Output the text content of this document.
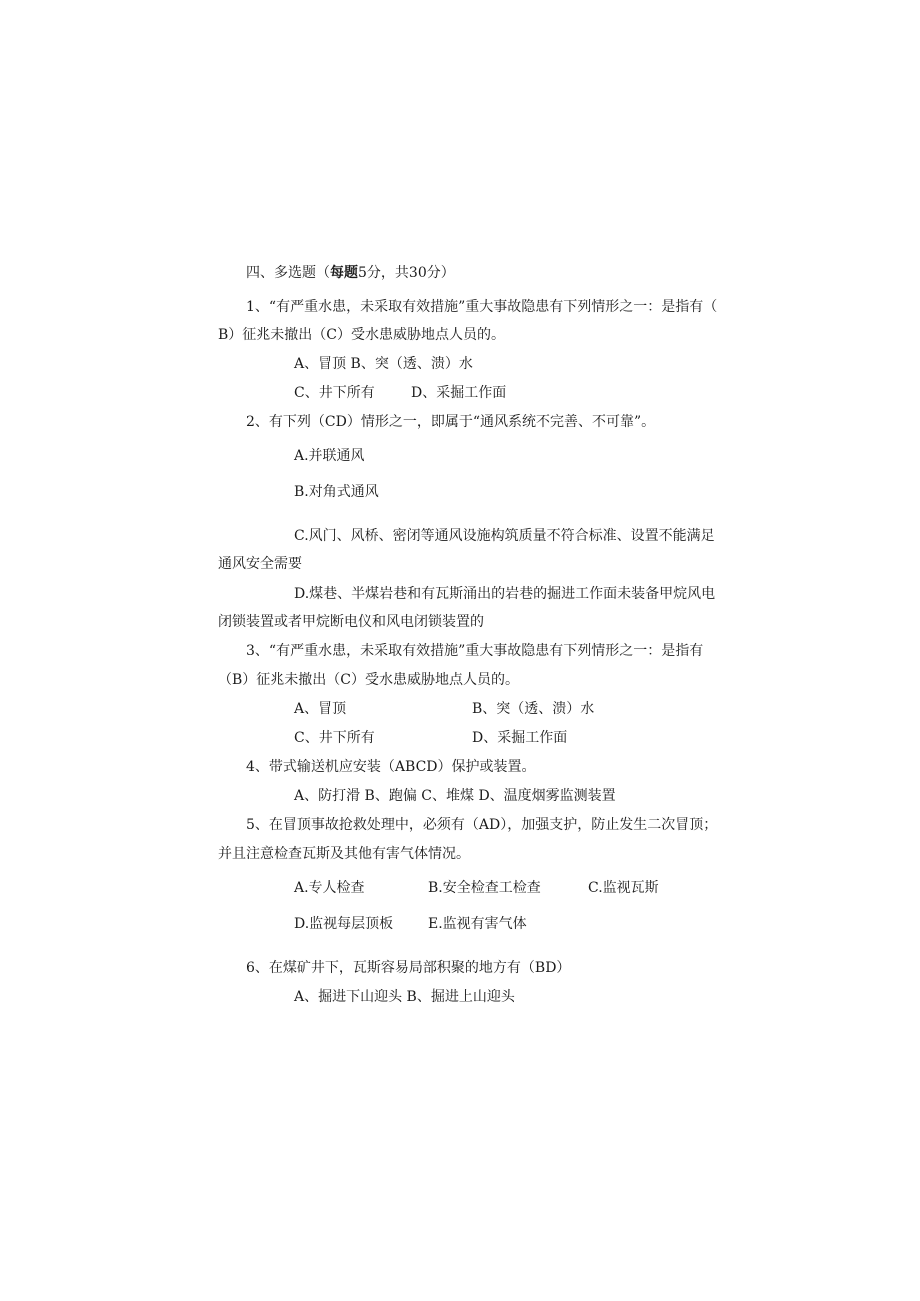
四、多选题（每题5分，共30分）
1、“有严重水患，未采取有效措施”重大事故隐患有下列情形之一：是指有（
B）征兆未撤出（C）受水患威胁地点人员的。
A、冒顶 B、突（透、溃）水
C、井下所有	D、采掘工作面
2、有下列（CD）情形之一，即属于“通风系统不完善、不可靠”。
A.并联通风
B.对角式通风
C.风门、风桥、密闭等通风设施构筑质量不符合标准、设置不能满足
通风安全需要
D.煤巷、半煤岩巷和有瓦斯涌出的岩巷的掘进工作面未装备甲烷风电
闭锁装置或者甲烷断电仪和风电闭锁装置的
3、“有严重水患，未采取有效措施”重大事故隐患有下列情形之一：是指有
（B）征兆未撤出（C）受水患威胁地点人员的。
A、冒顶	B、突（透、溃）水
C、井下所有	D、采掘工作面
4、带式输送机应安装（ABCD）保护或装置。
A、防打滑 B、跑偏 C、堆煤 D、温度烟雾监测装置
5、在冒顶事故抢救处理中，必须有（AD），加强支护，防止发生二次冒顶；
并且注意检查瓦斯及其他有害气体情况。
A.专人检查	B.安全检查工检查	C.监视瓦斯
D.监视每层顶板 E.监视有害气体
6、在煤矿井下，瓦斯容易局部积聚的地方有（BD）
A、掘进下山迎头 B、掘进上山迎头
